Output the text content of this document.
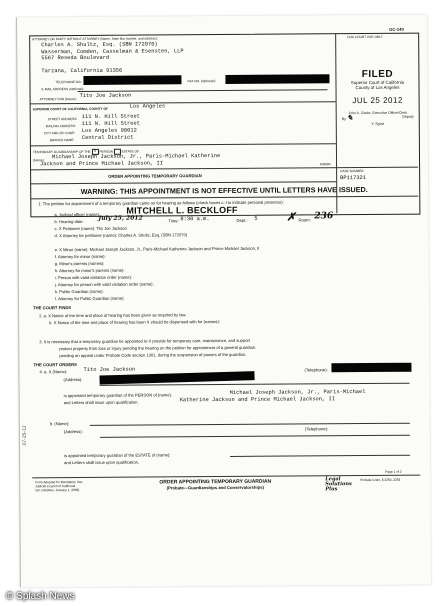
GC-140
ATTORNEY OR PARTY WITHOUT ATTORNEY (Name, State Bar number, and address):	FOR COURT USE ONLY
Charles A. Shultz, Esq. (SBN 172070)
Wasserman, Comden, Casselman & Esensten, LLP
5567 Reseda Boulevard
Tarzana, California 91356
TELEPHONE NO.:	FAX NO. (Optional):
E-MAIL ADDRESS (Optional):
ATTORNEY FOR (Name):
Tito Joe Jackson
SUPERIOR COURT OF CALIFORNIA, COUNTY OF	Los Angeles
STREET ADDRESS: 111 N. Hill Street
MAILING ADDRESS: 111 N. Hill Street
CITY AND ZIP CODE: Los Angeles 90012
BRANCH NAME: Central District
TEMPORARY GUARDIANSHIP OF THE X PERSON	ESTATE OF
(Name):
Michael Joseph Jackson, Jr., Paris-Michael Katherine
Jackson and Prince Michael Jackson, II	MINOR
CASE NUMBER:
BP117321
ORDER APPOINTING TEMPORARY GUARDIAN
FILED
Superior Court of California
County of Los Angeles
JUL 25 2012
John A. Clarke, Executive Officer/Clerk
By ✎	Deputy
Y. Sgovi
WARNING: THIS APPOINTMENT IS NOT EFFECTIVE UNTIL LETTERS HAVE ISSUED.
1. The petition for appointment of a temporary guardian came on for hearing as follows (check boxes c–l to indicate personal presence):
a. Judicial officer (name):	MITCHELL L. BECKLOFF
b. Hearing date: July 25, 2012	Time: 8:30 a.m.	Dept.: 5	✗ Room: 236
c. X Petitioner (name): Tito Joe Jackson
d. X Attorney for petitioner (name): Charles A. Shultz, Esq. (SBN 172070)
e. X Minor (name): Michael Joseph Jackson, Jr., Paris-Michael Katherine Jackson and Prince Michael Jackson, II
f. Attorney for minor (name):
g. Minor's parents (names):
h. Attorney for minor's parents (name):
i. Person with valid visitation order (name):
j. Attorney for person with valid visitation order (name):
k. Public Guardian (name):
l. Attorney for Public Guardian (name):
THE COURT FINDS
2. a. X Notice of the time and place of hearing has been given as required by law.
b. X Notice of the time and place of hearing has been X should be dispensed with for (names):
3. It is necessary that a temporary guardian be appointed to X provide for temporary care, maintenance, and support
protect property from loss or injury pending the hearing on the petition for appointment of a general guardian.
pending an appeal under Probate Code section 1301. during the suspension of powers of the guardian.
THE COURT ORDERS
4. a. X (Name):	Tito Joe Jackson
(Address):
(Telephone):
is appointed temporary guardian of the PERSON of (name):	Michael Joseph Jackson, Jr., Paris-Michael
and Letters shall issue upon qualification.	Katherine Jackson and Prince Michael Jackson, II
b. (Name):
(Address):
(Telephone):
is appointed temporary guardian of the ESTATE of (name):
and Letters shall issue upon qualification.
07-25-12
Page 1 of 2
Form Adopted for Mandatory Use
Judicial Council of California
GC-140 [Rev. January 1, 2009]
ORDER APPOINTING TEMPORARY GUARDIAN
(Probate—Guardianships and Conservatorships)
Legal Solutions Plus
Probate Code, § 2250–2254
© Splash News
